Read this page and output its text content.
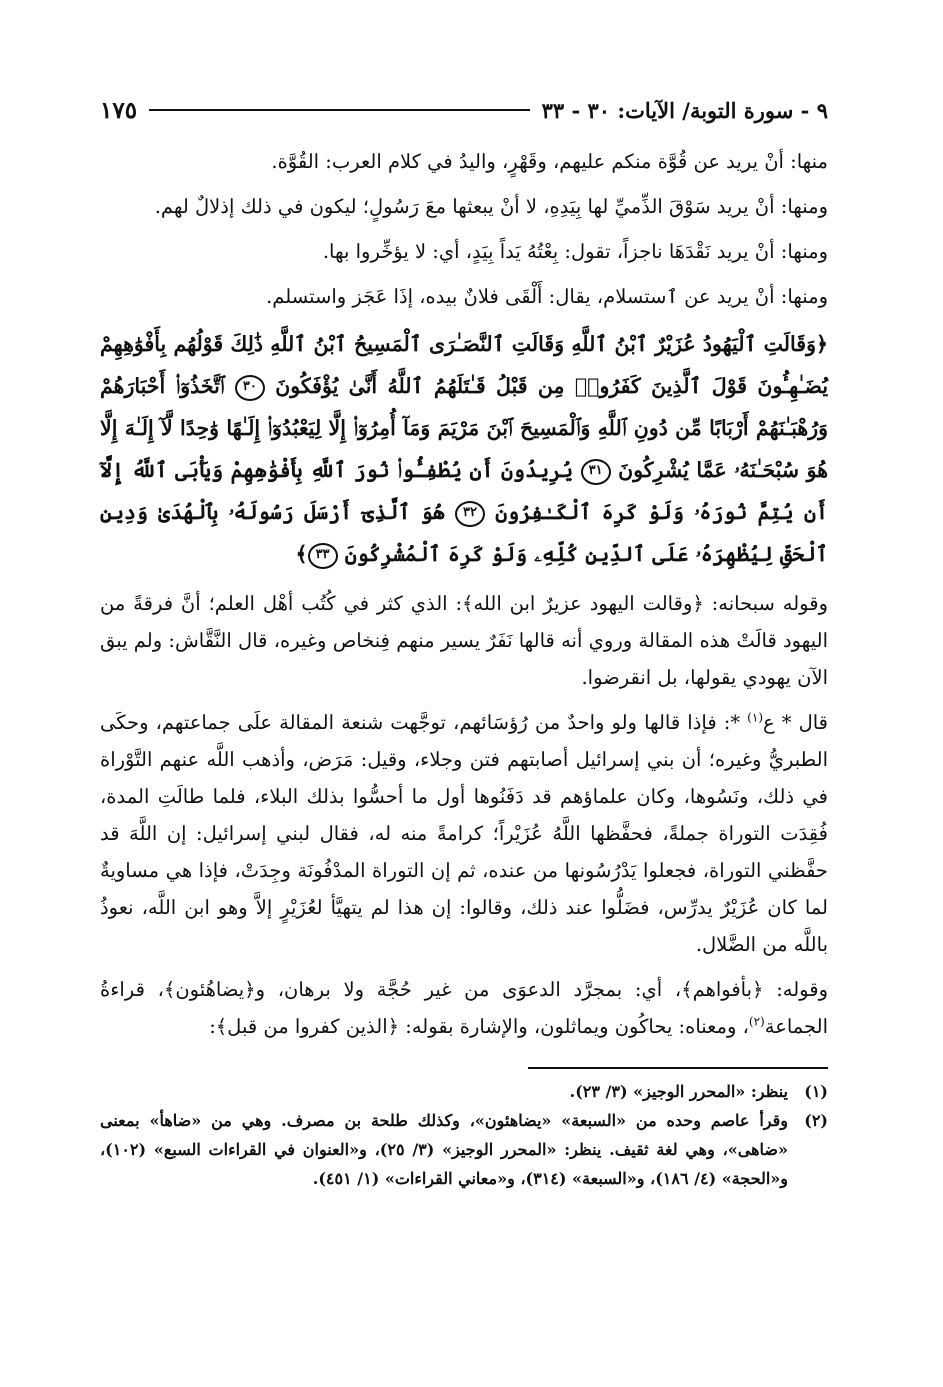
٩ - سورة التوبة/ الآيات: ٣٠ - ٣٣
١٧٥

منها: أنْ يريد عن قُوَّة منكم عليهم، وقَهْرٍ، واليدُ في كلام العرب: القُوَّة.

ومنها: أنْ يريد سَوْقَ الذِّميِّ لها بِيَدِهِ، لا أنْ يبعثها معَ رَسُولٍ؛ ليكون في ذلك إذلالٌ لهم.

ومنها: أنْ يريد نَقْدَهَا ناجزاً، تقول: بِعْتُهُ يَداً بِيَدٍ، أي: لا يؤخِّروا بها.

ومنها: أنْ يريد عن ٱستسلام، يقال: أَلْقَى فلانٌ بيده، إذَا عَجَز واستسلم.

﴿وَقَالَتِ ٱلْيَهُودُ عُزَيْرٌ ٱبْنُ ٱللَّهِ وَقَالَتِ ٱلنَّصَـٰرَى ٱلْمَسِيحُ ٱبْنُ ٱللَّهِ ذَٰلِكَ قَوْلُهُم بِأَفْوَٰهِهِمْ يُضَـٰهِـُٔونَ قَوْلَ ٱلَّذِينَ كَفَرُوا۟ مِن قَبْلُ قَـٰتَلَهُمُ ٱللَّهُ أَنَّىٰ يُؤْفَكُونَ ٣٠ ٱتَّخَذُوٓا۟ أَحْبَارَهُمْ وَرُهْبَـٰنَهُمْ أَرْبَابًا مِّن دُونِ ٱللَّهِ وَٱلْمَسِيحَ ٱبْنَ مَرْيَمَ وَمَآ أُمِرُوٓا۟ إِلَّا لِيَعْبُدُوٓا۟ إِلَـٰهًا وَٰحِدًا لَّآ إِلَـٰهَ إِلَّا هُوَ سُبْحَـٰنَهُۥ عَمَّا يُشْرِكُونَ ٣١ يُرِيدُونَ أَن يُطْفِـُٔوا۟ نُورَ ٱللَّهِ بِأَفْوَٰهِهِمْ وَيَأْبَى ٱللَّهُ إِلَّآ أَن يُتِمَّ نُورَهُۥ وَلَوْ كَرِهَ ٱلْكَـٰفِرُونَ ٣٢ هُوَ ٱلَّذِىٓ أَرْسَلَ رَسُولَهُۥ بِٱلْهُدَىٰ وَدِينِ ٱلْحَقِّ لِيُظْهِرَهُۥ عَلَى ٱلدِّينِ كُلِّهِۦ وَلَوْ كَرِهَ ٱلْمُشْرِكُونَ ٣٣﴾

وقوله سبحانه: ﴿وقالت اليهود عزيرٌ ابن الله﴾: الذي كثر في كُتُب أهْل العلم؛ أنَّ فرقةً من اليهود قالَتْ هذه المقالة وروي أنه قالها نَفَرٌ يسير منهم فِنخاص وغيره، قال النَّقَّاش: ولم يبق الآن يهودي يقولها، بل انقرضوا.

قال * ع$^{(١)}$ *: فإذا قالها ولو واحدٌ من رُؤسَائهم، توجَّهت شنعة المقالة علَى جماعتهم، وحكَى الطبريُّ وغيره؛ أن بني إسرائيل أصابتهم فتن وجلاء، وقيل: مَرَض، وأذهب اللَّه عنهم التَّوْراة في ذلك، ونَسُوها، وكان علماؤهم قد دَفَنُوها أول ما أحسُّوا بذلك البلاء، فلما طالَتِ المدة، فُقِدَت التوراة جملةً، فحفَّظها اللَّهُ عُزَيْراً؛ كرامةً منه له، فقال لبني إسرائيل: إن اللَّهَ قد حفَّظني التوراة، فجعلوا يَدْرُسُونها من عنده، ثم إن التوراة المدْفُونَة وجِدَتْ، فإذا هي مساويةٌ لما كان عُزَيْرٌ يدرِّس، فضَلُّوا عند ذلك، وقالوا: إن هذا لم يتهيَّأ لعُزَيْرٍ إلاَّ وهو ابن اللَّه، نعوذُ باللَّه من الضَّلال.

وقوله: ﴿بأفواهم﴾، أي: بمجرَّد الدعوَى من غير حُجَّة ولا برهان، و﴿يضاهُئون﴾، قراءةُ الجماعة$^{(٢)}$، ومعناه: يحاكُون ويماثلون، والإشارة بقوله: ﴿الذين كفروا من قبل﴾:

(١)
ينظر: «المحرر الوجيز» (٣/ ٢٣).
(٢)
وقرأ عاصم وحده من «السبعة» «يضاهئون»، وكذلك طلحة بن مصرف. وهي من «ضاهأ» بمعنى «ضاهى»، وهي لغة ثقيف. ينظر: «المحرر الوجيز» (٣/ ٢٥)، و«العنوان في القراءات السبع» (١٠٢)، و«الحجة» (٤/ ١٨٦)، و«السبعة» (٣١٤)، و«معاني القراءات» (١/ ٤٥١).
